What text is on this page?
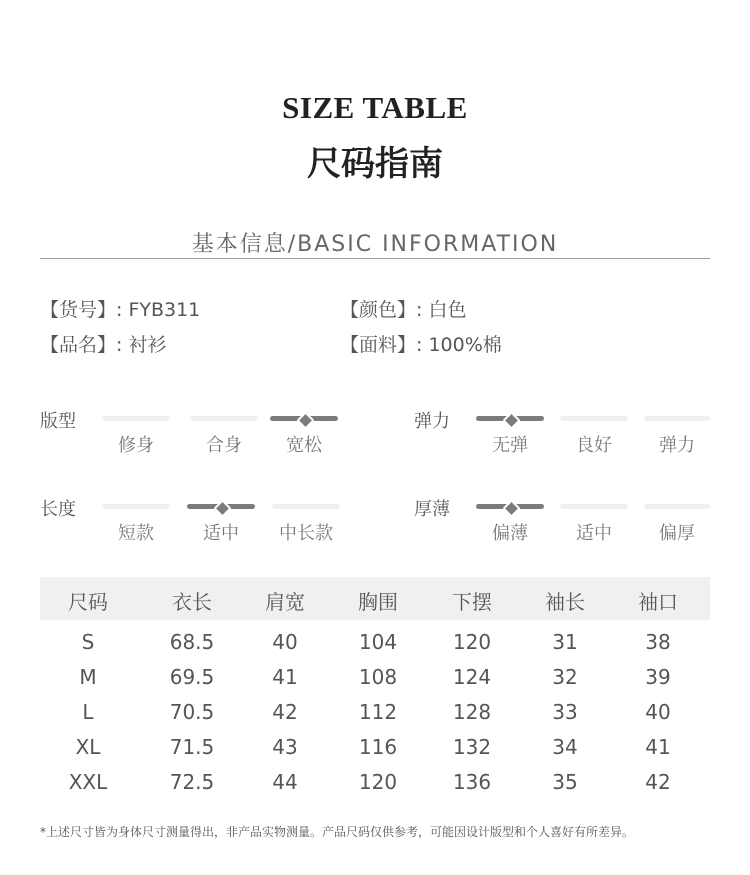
SIZE TABLE
尺码指南
基本信息/BASIC INFORMATION
【货号】: FYB311	【颜色】: 白色
【品名】: 衬衫	【面料】: 100%棉
版型	弹力
长度	厚薄
尺码	衣长	肩宽	胸围	下摆	袖长	袖口
S	68.5	40	104	120	31	38
M	69.5	41	108	124	32	39
L	70.5	42	112	128	33	40
XL	71.5	43	116	132	34	41
XXL	72.5	44	120	136	35	42
*上述尺寸皆为身体尺寸测量得出，非产品实物测量。产品尺码仅供参考，可能因设计版型和个人喜好有所差异。
修身	合身	宽松	无弹	良好	弹力
短款	适中	中长款	偏薄	适中	偏厚
